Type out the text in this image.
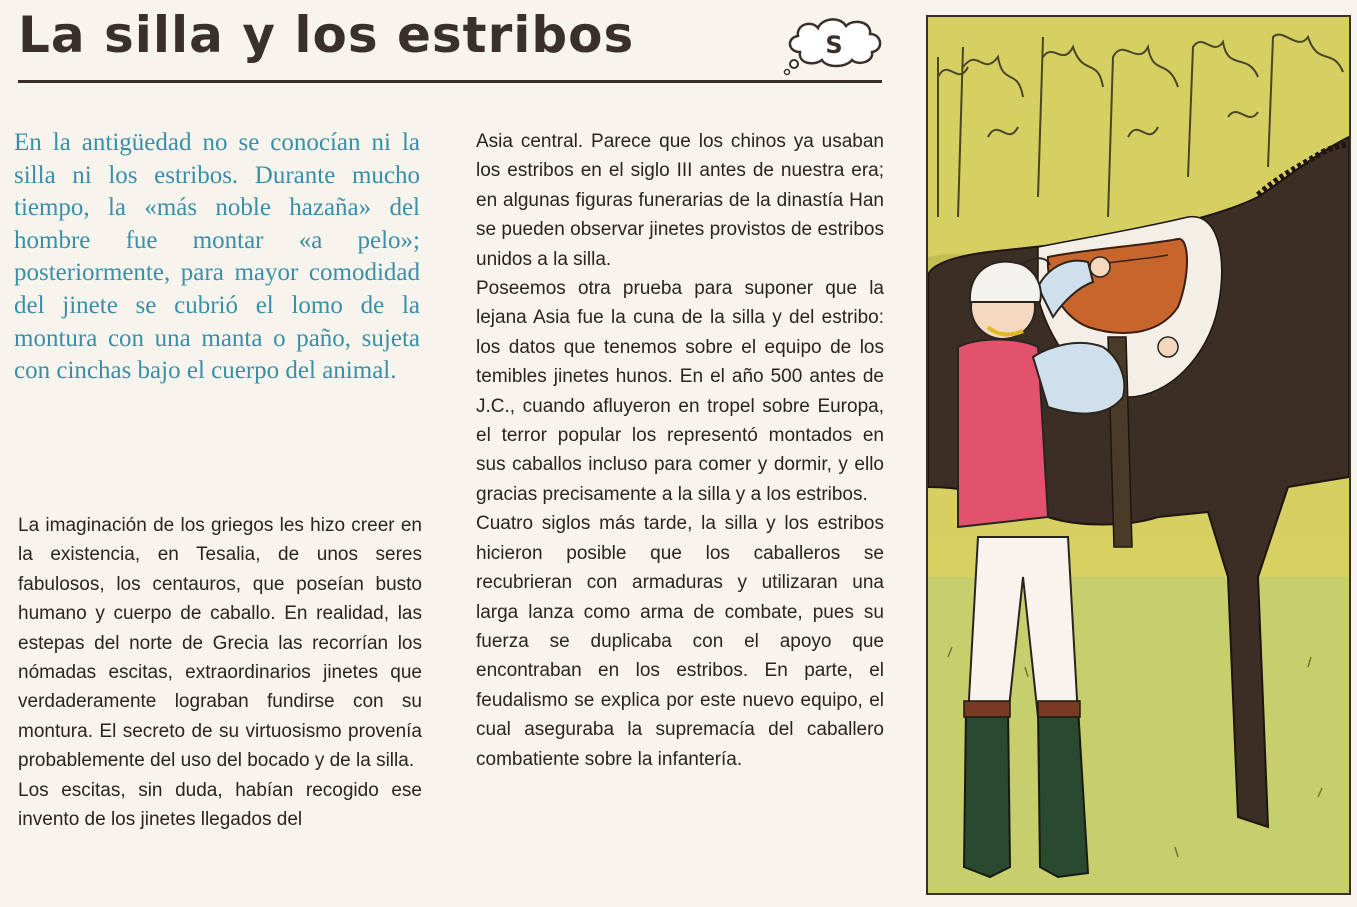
La silla y los estribos	S

En la antigüedad no se conocían ni la silla ni los estribos. Durante mucho tiempo, la «más noble hazaña» del hombre fue montar «a pelo»; posteriormente, para mayor comodidad del jinete se cubrió el lomo de la montura con una manta o paño, sujeta con cinchas bajo el cuerpo del animal.

La imaginación de los griegos les hizo creer en la existencia, en Tesalia, de unos seres fabulosos, los centauros, que poseían busto humano y cuerpo de caballo. En realidad, las estepas del norte de Grecia las recorrían los nómadas escitas, extraordinarios jinetes que verdaderamente lograban fundirse con su montura. El secreto de su virtuosismo provenía probablemente del uso del bocado y de la silla.

Los escitas, sin duda, habían recogido ese invento de los jinetes llegados del

Asia central. Parece que los chinos ya usaban los estribos en el siglo III antes de nuestra era; en algunas figuras funerarias de la dinastía Han se pueden observar jinetes provistos de estribos unidos a la silla.

Poseemos otra prueba para suponer que la lejana Asia fue la cuna de la silla y del estribo: los datos que tenemos sobre el equipo de los temibles jinetes hunos. En el año 500 antes de J.C., cuando afluyeron en tropel sobre Europa, el terror popular los representó montados en sus caballos incluso para comer y dormir, y ello gracias precisamente a la silla y a los estribos.

Cuatro siglos más tarde, la silla y los estribos hicieron posible que los caballeros se recubrieran con armaduras y utilizaran una larga lanza como arma de combate, pues su fuerza se duplicaba con el apoyo que encontraban en los estribos. En parte, el feudalismo se explica por este nuevo equipo, el cual aseguraba la supremacía del caballero combatiente sobre la infantería.
